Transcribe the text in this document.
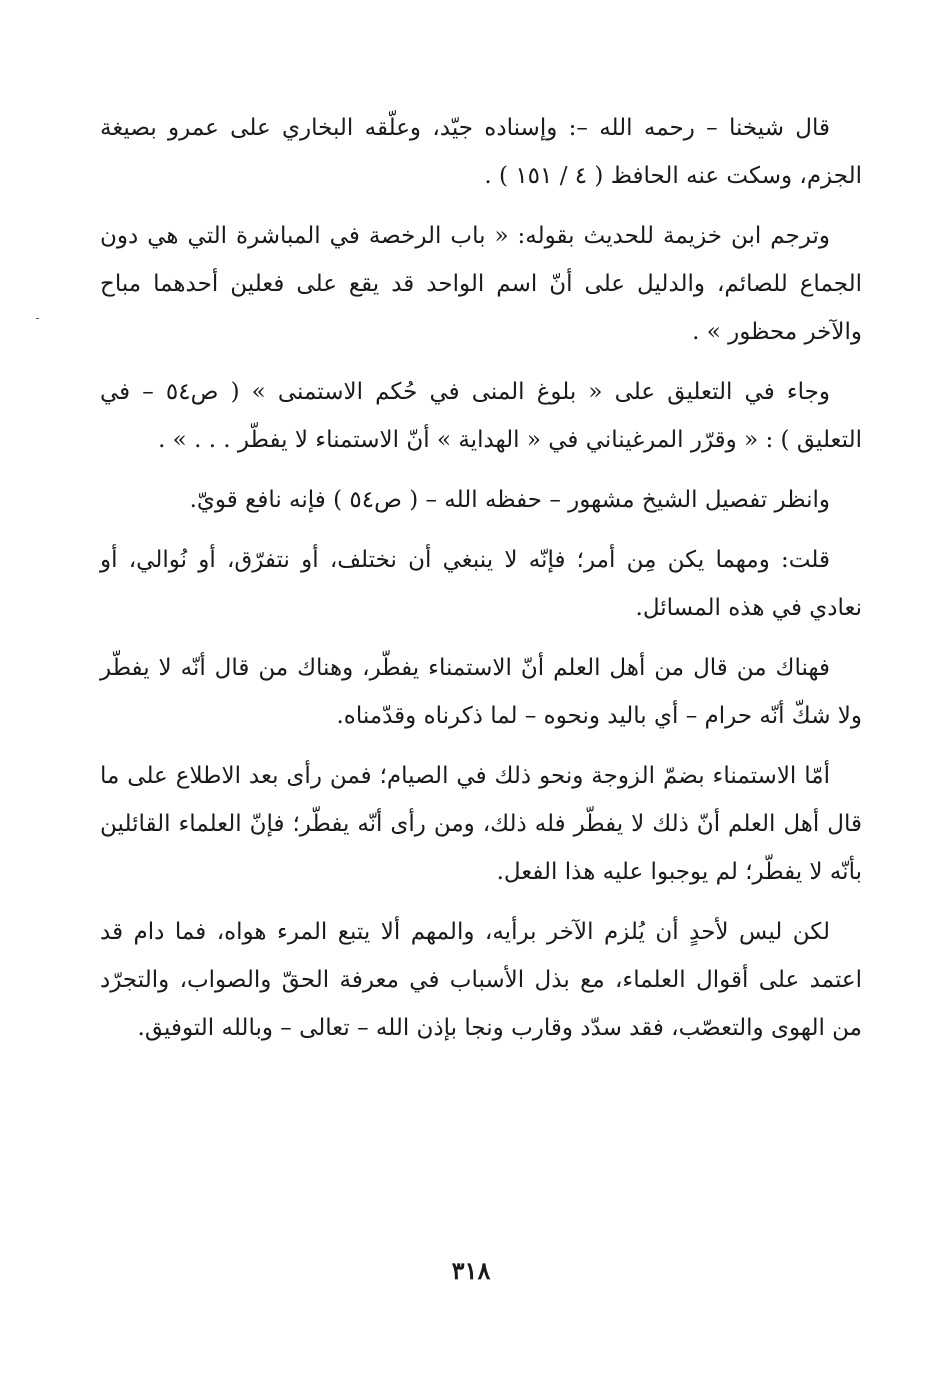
قال شيخنا – رحمه الله –: وإسناده جيّد، وعلّقه البخاري على عمرو بصيغة الجزم، وسكت عنه الحافظ ( ٤ / ١٥١ ) .

وترجم ابن خزيمة للحديث بقوله: « باب الرخصة في المباشرة التي هي دون الجماع للصائم، والدليل على أنّ اسم الواحد قد يقع على فعلين أحدهما مباح والآخر محظور » .

وجاء في التعليق على « بلوغ المنى في حُكم الاستمنى » ( ص٥٤ – في التعليق ) : « وقرّر المرغيناني في « الهداية » أنّ الاستمناء لا يفطّر . . . » .

وانظر تفصيل الشيخ مشهور – حفظه الله – ( ص٥٤ ) فإنه نافع قويّ.

قلت: ومهما يكن مِن أمر؛ فإنّه لا ينبغي أن نختلف، أو نتفرّق، أو نُوالي، أو نعادي في هذه المسائل.

فهناك من قال من أهل العلم أنّ الاستمناء يفطّر، وهناك من قال أنّه لا يفطّر ولا شكّ أنّه حرام – أي باليد ونحوه – لما ذكرناه وقدّمناه.

أمّا الاستمناء بضمّ الزوجة ونحو ذلك في الصيام؛ فمن رأى بعد الاطلاع على ما قال أهل العلم أنّ ذلك لا يفطّر فله ذلك، ومن رأى أنّه يفطّر؛ فإنّ العلماء القائلين بأنّه لا يفطّر؛ لم يوجبوا عليه هذا الفعل.

لكن ليس لأحدٍ أن يُلزم الآخر برأيه، والمهم ألا يتبع المرء هواه، فما دام قد اعتمد على أقوال العلماء، مع بذل الأسباب في معرفة الحقّ والصواب، والتجرّد من الهوى والتعصّب، فقد سدّد وقارب ونجا بإذن الله – تعالى – وبالله التوفيق.

٣١٨
